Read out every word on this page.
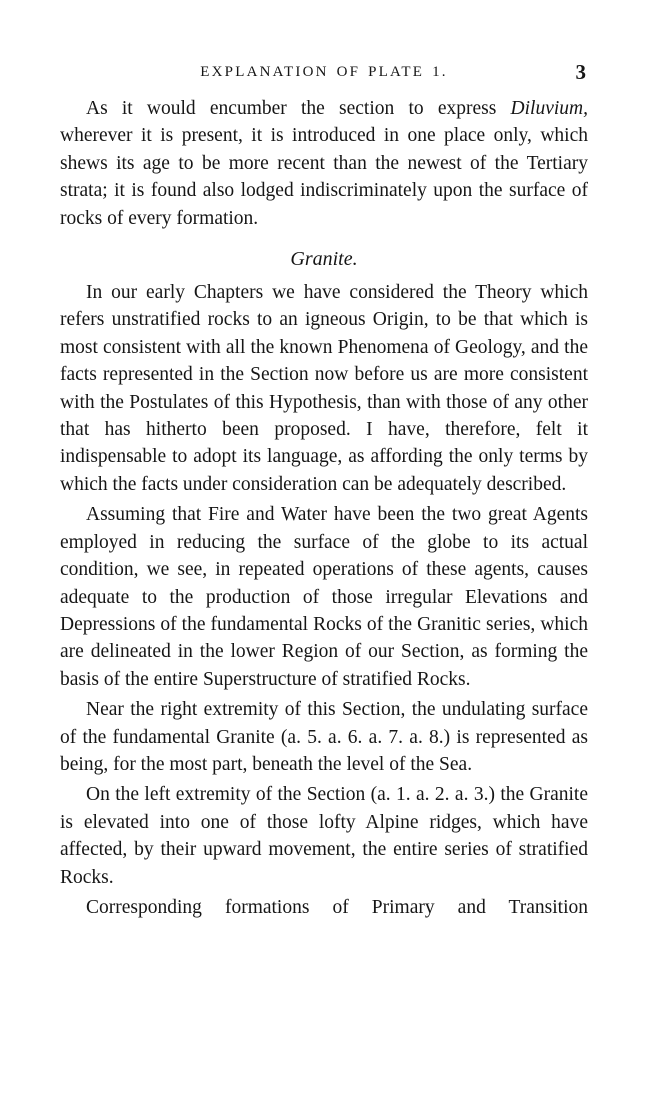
EXPLANATION OF PLATE 1.	3

As it would encumber the section to express Diluvium, wherever it is present, it is introduced in one place only, which shews its age to be more recent than the newest of the Tertiary strata; it is found also lodged indiscriminately upon the surface of rocks of every formation.

Granite.

In our early Chapters we have considered the Theory which refers unstratified rocks to an igneous Origin, to be that which is most consistent with all the known Phenomena of Geology, and the facts represented in the Section now before us are more consistent with the Postulates of this Hypothesis, than with those of any other that has hitherto been proposed. I have, therefore, felt it indispensable to adopt its language, as affording the only terms by which the facts under consideration can be adequately described.

Assuming that Fire and Water have been the two great Agents employed in reducing the surface of the globe to its actual condition, we see, in repeated operations of these agents, causes adequate to the production of those irregular Elevations and Depressions of the fundamental Rocks of the Granitic series, which are delineated in the lower Region of our Section, as forming the basis of the entire Superstructure of stratified Rocks.

Near the right extremity of this Section, the undulating surface of the fundamental Granite (a. 5. a. 6. a. 7. a. 8.) is represented as being, for the most part, beneath the level of the Sea.

On the left extremity of the Section (a. 1. a. 2. a. 3.) the Granite is elevated into one of those lofty Alpine ridges, which have affected, by their upward movement, the entire series of stratified Rocks.

Corresponding formations of Primary and Transition
